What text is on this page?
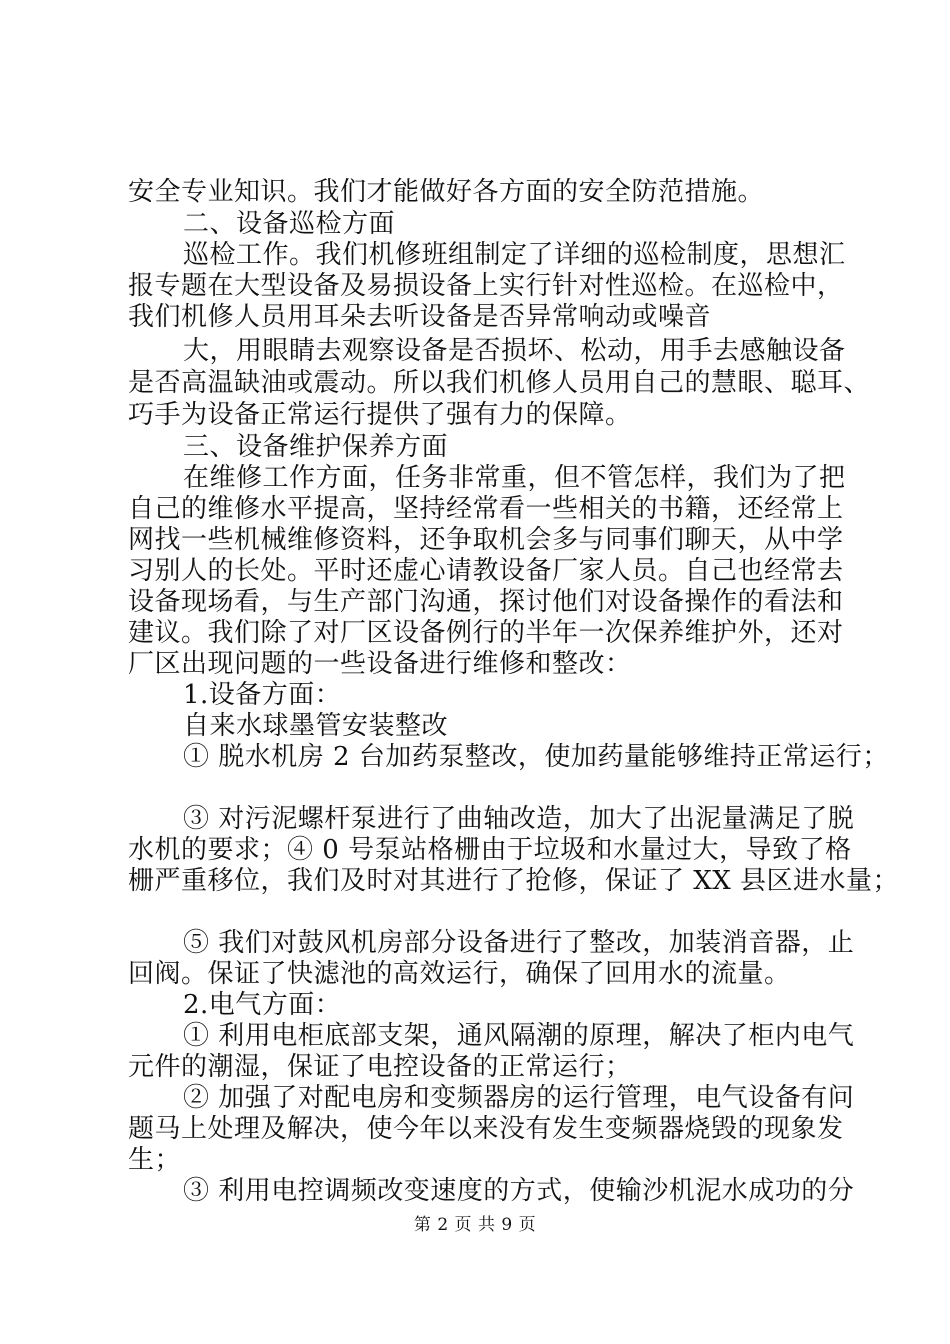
安全专业知识。我们才能做好各方面的安全防范措施。
二、设备巡检方面
巡检工作。我们机修班组制定了详细的巡检制度，思想汇
报专题在大型设备及易损设备上实行针对性巡检。在巡检中，
我们机修人员用耳朵去听设备是否异常响动或噪音
大，用眼睛去观察设备是否损坏、松动，用手去感触设备
是否高温缺油或震动。所以我们机修人员用自己的慧眼、聪耳、
巧手为设备正常运行提供了强有力的保障。
三、设备维护保养方面
在维修工作方面，任务非常重，但不管怎样，我们为了把
自己的维修水平提高，坚持经常看一些相关的书籍，还经常上
网找一些机械维修资料，还争取机会多与同事们聊天，从中学
习别人的长处。平时还虚心请教设备厂家人员。自己也经常去
设备现场看，与生产部门沟通，探讨他们对设备操作的看法和
建议。我们除了对厂区设备例行的半年一次保养维护外，还对
厂区出现问题的一些设备进行维修和整改：
1.设备方面：
自来水球墨管安装整改
① 脱水机房 2 台加药泵整改，使加药量能够维持正常运行；
③ 对污泥螺杆泵进行了曲轴改造，加大了出泥量满足了脱
水机的要求；④ 0 号泵站格栅由于垃圾和水量过大，导致了格
栅严重移位，我们及时对其进行了抢修，保证了 XX 县区进水量；
⑤ 我们对鼓风机房部分设备进行了整改，加装消音器，止
回阀。保证了快滤池的高效运行，确保了回用水的流量。
2.电气方面：
① 利用电柜底部支架，通风隔潮的原理，解决了柜内电气
元件的潮湿，保证了电控设备的正常运行；
② 加强了对配电房和变频器房的运行管理，电气设备有问
题马上处理及解决，使今年以来没有发生变频器烧毁的现象发
生；
③ 利用电控调频改变速度的方式，使输沙机泥水成功的分
第 2 页 共 9 页
